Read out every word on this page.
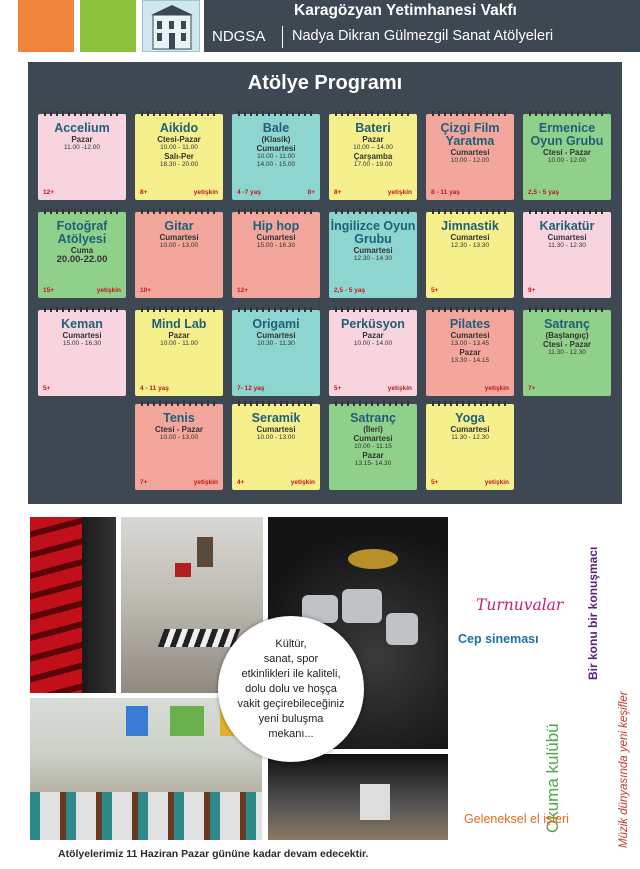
Karagözyan Yetimhanesi Vakfı
NDGSA Nadya Dikran Gülmezgil Sanat Atölyeleri
Atölye Programı
Accelium
Pazar
11.00 -12.00
12+
Aikido
Ctesi-Pazar
10.00 - 11.00
Salı-Per
18.30 - 20.00
8+	yetişkin
Bale
(Klasik)
Cumartesi
10.00 - 11.00
14.00 - 15.00
4 -7 yaş	8+
Bateri
Pazar
10.00 – 14.00
Çarşamba
17.00 - 19.00
8+	yetişkin
Çizgi Film Yaratma
Cumartesi
10.00 - 12.00
8 - 11 yaş
Ermenice Oyun Grubu
Ctesi - Pazar
10.00 - 12.00
2,5 - 5 yaş
Fotoğraf Atölyesi
Cuma
20.00-22.00
15+	yetişkin
Gitar
Cumartesi
10.00 - 13.00
10+
Hip hop
Cumartesi
15.00 - 16.30
12+
İngilizce Oyun Grubu
Cumartesi
12.30 - 14.30
2,5 - 5 yaş
Jimnastik
Cumartesi
12.30 - 13.30
5+
Karikatür
Cumartesi
11.30 - 12.30
9+
Keman
Cumartesi
15.00 - 16.30
5+
Mind Lab
Pazar
10.00 - 11.00
4 - 11 yaş
Origami
Cumartesi
10.30 - 11.30
7- 12 yaş
Perküsyon
Pazar
10.00 - 14.00
5+	yetişkin
Pilates
Cumartesi
13.00 - 13.45
Pazar
13.30 - 14.15
yetişkin
Satranç
(Başlangıç)
Ctesi - Pazar
11.30 - 12.30
7+
Tenis
Ctesi - Pazar
10.00 - 13.00
7+	yetişkin
Seramik
Cumartesi
10.00 - 13.00
4+	yetişkin
Satranç
(İleri)
Cumartesi
10.00 - 11.15
Pazar
13.15- 14.30
Yoga
Cumartesi
11.30 - 12.30
5+	yetişkin
Kültür,
sanat, spor
etkinlikleri ile kaliteli,
dolu dolu ve hoşça
vakit geçirebileceğiniz
yeni buluşma
mekanı...
Atölyelerimiz 11 Haziran Pazar gününe kadar devam edecektir.
Turnuvalar
Cep sineması
Okuma kulübü
Bir konu bir konuşmacı
Müzik dünyasında yeni keşifler
Geleneksel el işleri
